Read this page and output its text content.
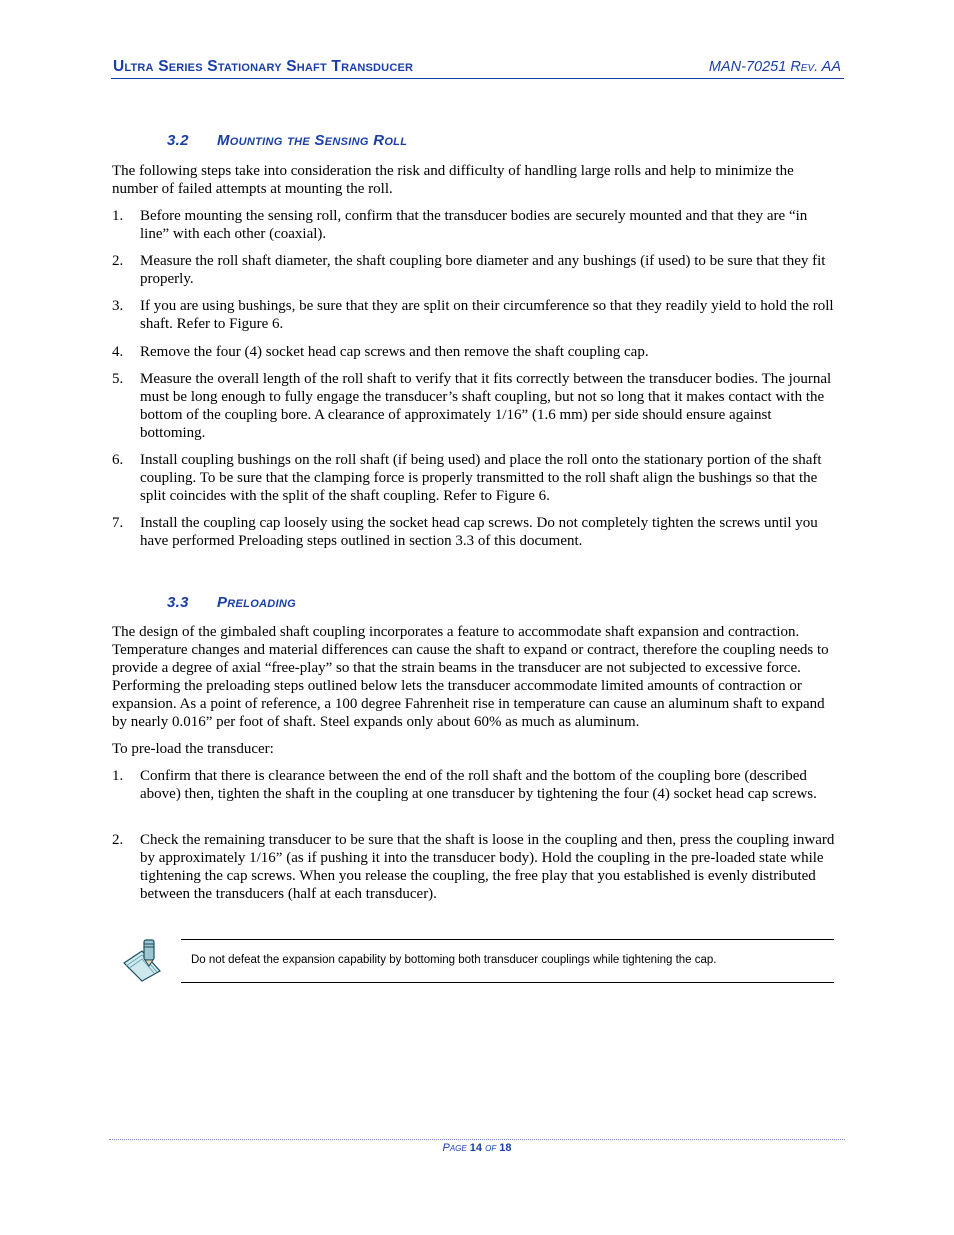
Ultra Series Stationary Shaft Transducer	MAN-70251 Rev. AA
3.2 Mounting the Sensing Roll

The following steps take into consideration the risk and difficulty of handling large rolls and help to minimize the number of failed attempts at mounting the roll.

1. Before mounting the sensing roll, confirm that the transducer bodies are securely mounted and that they are “in line” with each other (coaxial).
2. Measure the roll shaft diameter, the shaft coupling bore diameter and any bushings (if used) to be sure that they fit properly.
3. If you are using bushings, be sure that they are split on their circumference so that they readily yield to hold the roll shaft. Refer to Figure 6.
4. Remove the four (4) socket head cap screws and then remove the shaft coupling cap.
5. Measure the overall length of the roll shaft to verify that it fits correctly between the transducer bodies. The journal must be long enough to fully engage the transducer’s shaft coupling, but not so long that it makes contact with the bottom of the coupling bore. A clearance of approximately 1/16” (1.6 mm) per side should ensure against bottoming.
6. Install coupling bushings on the roll shaft (if being used) and place the roll onto the stationary portion of the shaft coupling. To be sure that the clamping force is properly transmitted to the roll shaft align the bushings so that the split coincides with the split of the shaft coupling. Refer to Figure 6.
7. Install the coupling cap loosely using the socket head cap screws. Do not completely tighten the screws until you have performed Preloading steps outlined in section 3.3 of this document.
3.3 Preloading

The design of the gimbaled shaft coupling incorporates a feature to accommodate shaft expansion and contraction. Temperature changes and material differences can cause the shaft to expand or contract, therefore the coupling needs to provide a degree of axial “free-play” so that the strain beams in the transducer are not subjected to excessive force. Performing the preloading steps outlined below lets the transducer accommodate limited amounts of contraction or expansion. As a point of reference, a 100 degree Fahrenheit rise in temperature can cause an aluminum shaft to expand by nearly 0.016” per foot of shaft. Steel expands only about 60% as much as aluminum.

To pre-load the transducer:

1. Confirm that there is clearance between the end of the roll shaft and the bottom of the coupling bore (described above) then, tighten the shaft in the coupling at one transducer by tightening the four (4) socket head cap screws.
2. Check the remaining transducer to be sure that the shaft is loose in the coupling and then, press the coupling inward by approximately 1/16” (as if pushing it into the transducer body). Hold the coupling in the pre-loaded state while tightening the cap screws. When you release the coupling, the free play that you established is evenly distributed between the transducers (half at each transducer).
Do not defeat the expansion capability by bottoming both transducer couplings while tightening the cap.
Page 14 of 18
